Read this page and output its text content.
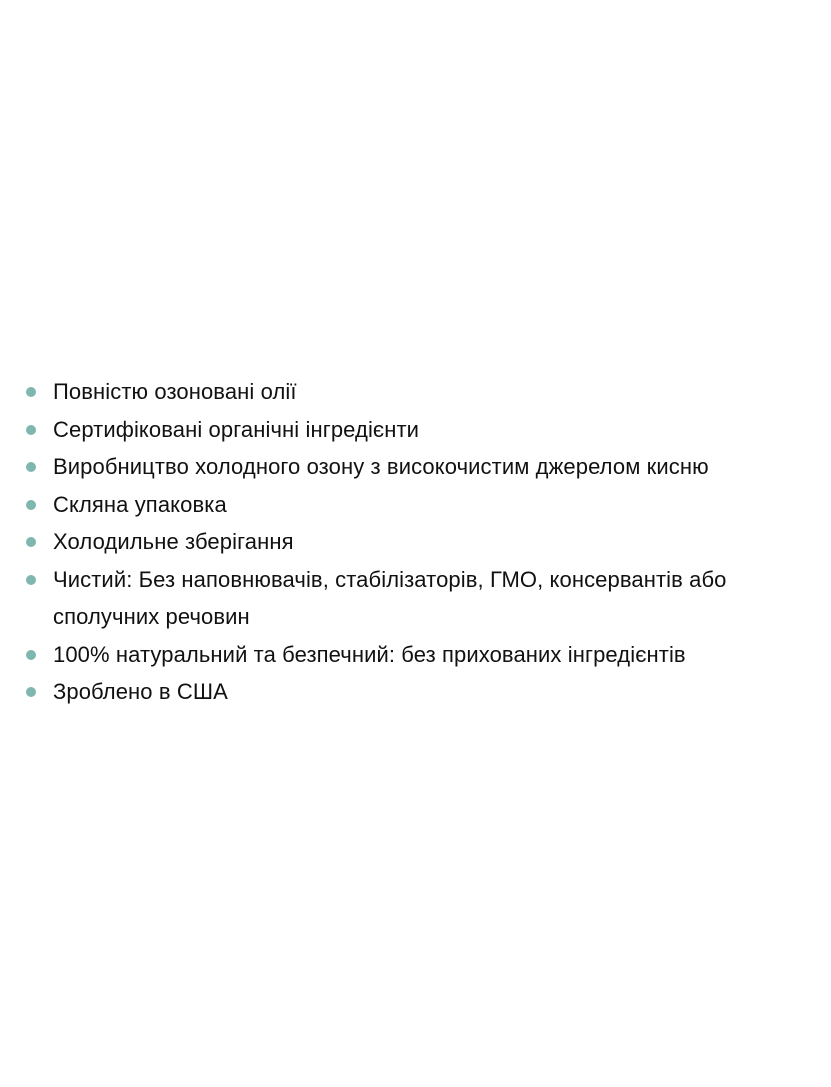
Повністю озоновані олії
Сертифіковані органічні інгредієнти
Виробництво холодного озону з високочистим джерелом кисню
Скляна упаковка
Холодильне зберігання
Чистий: Без наповнювачів, стабілізаторів, ГМО, консервантів або сполучних речовин
100% натуральний та безпечний: без прихованих інгредієнтів
Зроблено в США
